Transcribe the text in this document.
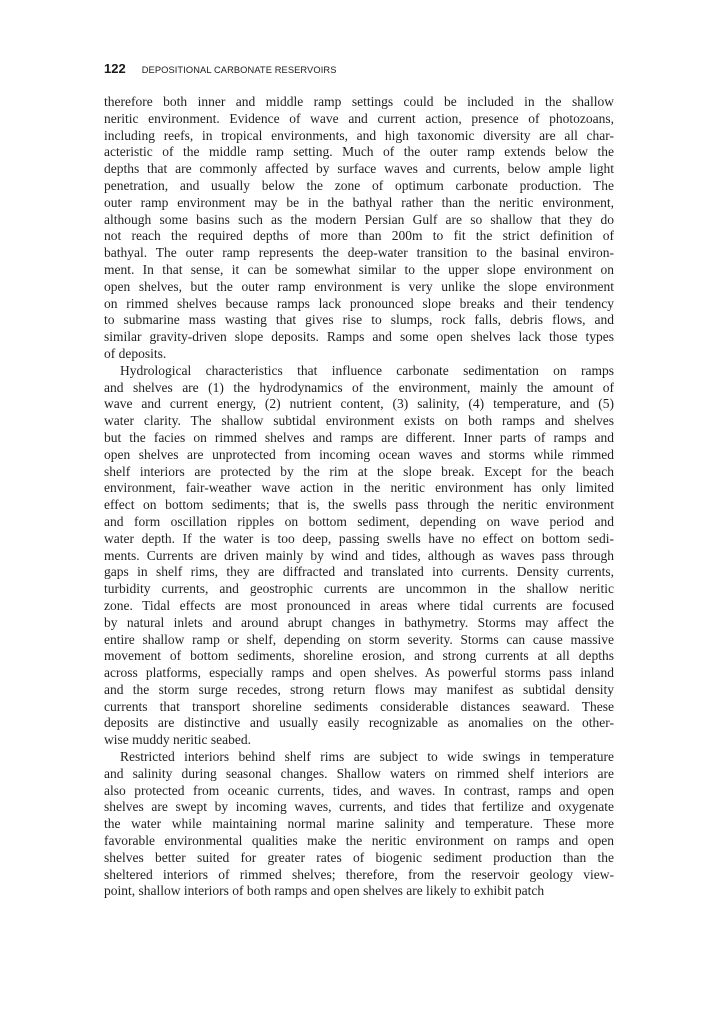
122 DEPOSITIONAL CARBONATE RESERVOIRS
therefore both inner and middle ramp settings could be included in the shallow
neritic environment. Evidence of wave and current action, presence of photozoans,
including reefs, in tropical environments, and high taxonomic diversity are all char-
acteristic of the middle ramp setting. Much of the outer ramp extends below the
depths that are commonly affected by surface waves and currents, below ample light
penetration, and usually below the zone of optimum carbonate production. The
outer ramp environment may be in the bathyal rather than the neritic environment,
although some basins such as the modern Persian Gulf are so shallow that they do
not reach the required depths of more than 200m to fit the strict definition of
bathyal. The outer ramp represents the deep-water transition to the basinal environ-
ment. In that sense, it can be somewhat similar to the upper slope environment on
open shelves, but the outer ramp environment is very unlike the slope environment
on rimmed shelves because ramps lack pronounced slope breaks and their tendency
to submarine mass wasting that gives rise to slumps, rock falls, debris flows, and
similar gravity-driven slope deposits. Ramps and some open shelves lack those types
of deposits.
Hydrological characteristics that influence carbonate sedimentation on ramps
and shelves are (1) the hydrodynamics of the environment, mainly the amount of
wave and current energy, (2) nutrient content, (3) salinity, (4) temperature, and (5)
water clarity. The shallow subtidal environment exists on both ramps and shelves
but the facies on rimmed shelves and ramps are different. Inner parts of ramps and
open shelves are unprotected from incoming ocean waves and storms while rimmed
shelf interiors are protected by the rim at the slope break. Except for the beach
environment, fair-weather wave action in the neritic environment has only limited
effect on bottom sediments; that is, the swells pass through the neritic environment
and form oscillation ripples on bottom sediment, depending on wave period and
water depth. If the water is too deep, passing swells have no effect on bottom sedi-
ments. Currents are driven mainly by wind and tides, although as waves pass through
gaps in shelf rims, they are diffracted and translated into currents. Density currents,
turbidity currents, and geostrophic currents are uncommon in the shallow neritic
zone. Tidal effects are most pronounced in areas where tidal currents are focused
by natural inlets and around abrupt changes in bathymetry. Storms may affect the
entire shallow ramp or shelf, depending on storm severity. Storms can cause massive
movement of bottom sediments, shoreline erosion, and strong currents at all depths
across platforms, especially ramps and open shelves. As powerful storms pass inland
and the storm surge recedes, strong return flows may manifest as subtidal density
currents that transport shoreline sediments considerable distances seaward. These
deposits are distinctive and usually easily recognizable as anomalies on the other-
wise muddy neritic seabed.
Restricted interiors behind shelf rims are subject to wide swings in temperature
and salinity during seasonal changes. Shallow waters on rimmed shelf interiors are
also protected from oceanic currents, tides, and waves. In contrast, ramps and open
shelves are swept by incoming waves, currents, and tides that fertilize and oxygenate
the water while maintaining normal marine salinity and temperature. These more
favorable environmental qualities make the neritic environment on ramps and open
shelves better suited for greater rates of biogenic sediment production than the
sheltered interiors of rimmed shelves; therefore, from the reservoir geology view-
point, shallow interiors of both ramps and open shelves are likely to exhibit patch
